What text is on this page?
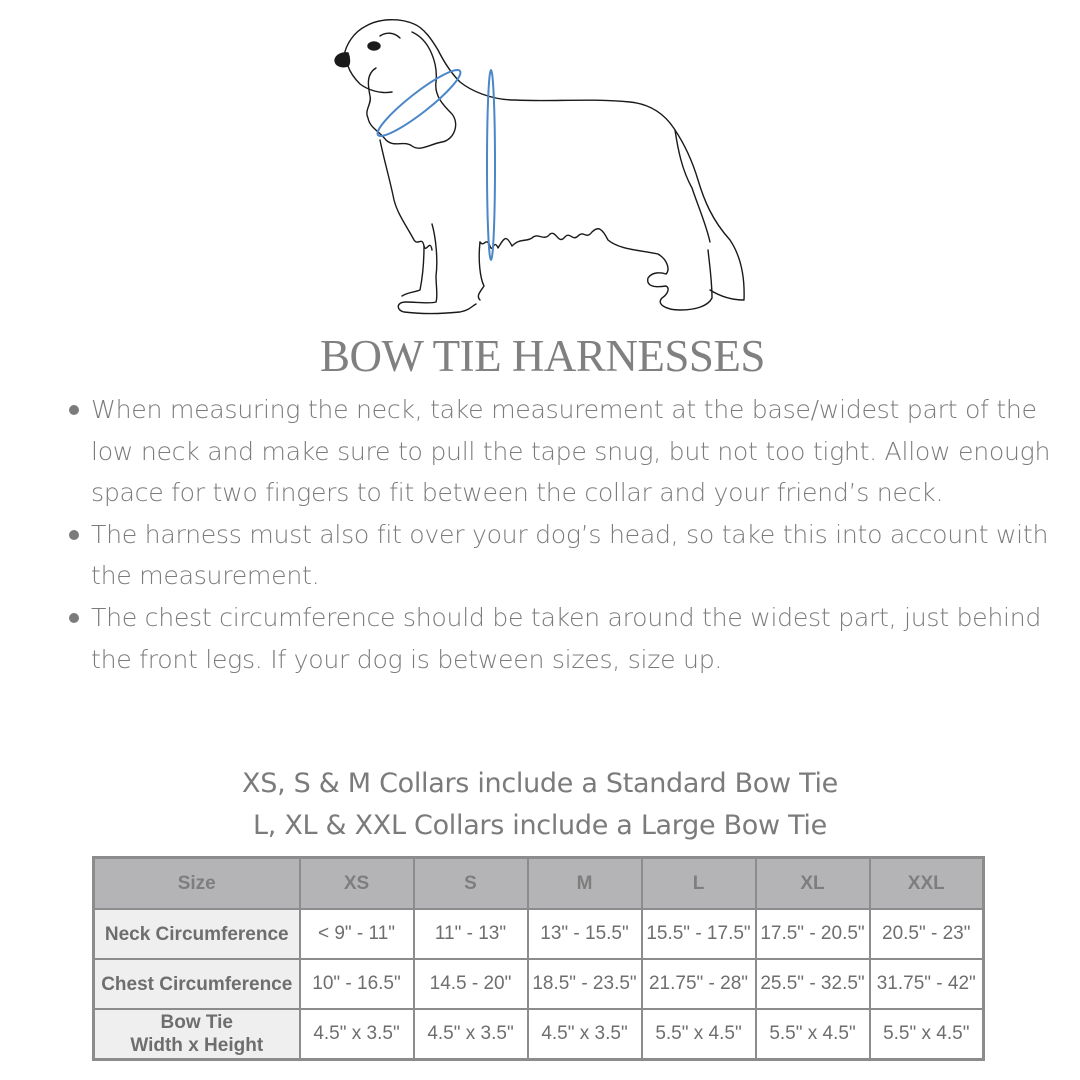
BOW TIE HARNESSES
When measuring the neck, take measurement at the base/widest part of the low neck and make sure to pull the tape snug, but not too tight. Allow enough space for two fingers to fit between the collar and your friend’s neck.
The harness must also fit over your dog’s head, so take this into account with the measurement.
The chest circumference should be taken around the widest part, just behind the front legs. If your dog is between sizes, size up.
XS, S & M Collars include a Standard Bow Tie
L, XL & XXL Collars include a Large Bow Tie
Size	XS	S	M	L	XL	XXL
Neck Circumference	< 9" - 11"	11" - 13"	13" - 15.5"	15.5" - 17.5"	17.5" - 20.5"	20.5" - 23"
Chest Circumference	10" - 16.5"	14.5 - 20"	18.5" - 23.5"	21.75" - 28"	25.5" - 32.5"	31.75" - 42"
Bow Tie
Width x Height	4.5" x 3.5"	4.5" x 3.5"	4.5" x 3.5"	5.5" x 4.5"	5.5" x 4.5"	5.5" x 4.5"
